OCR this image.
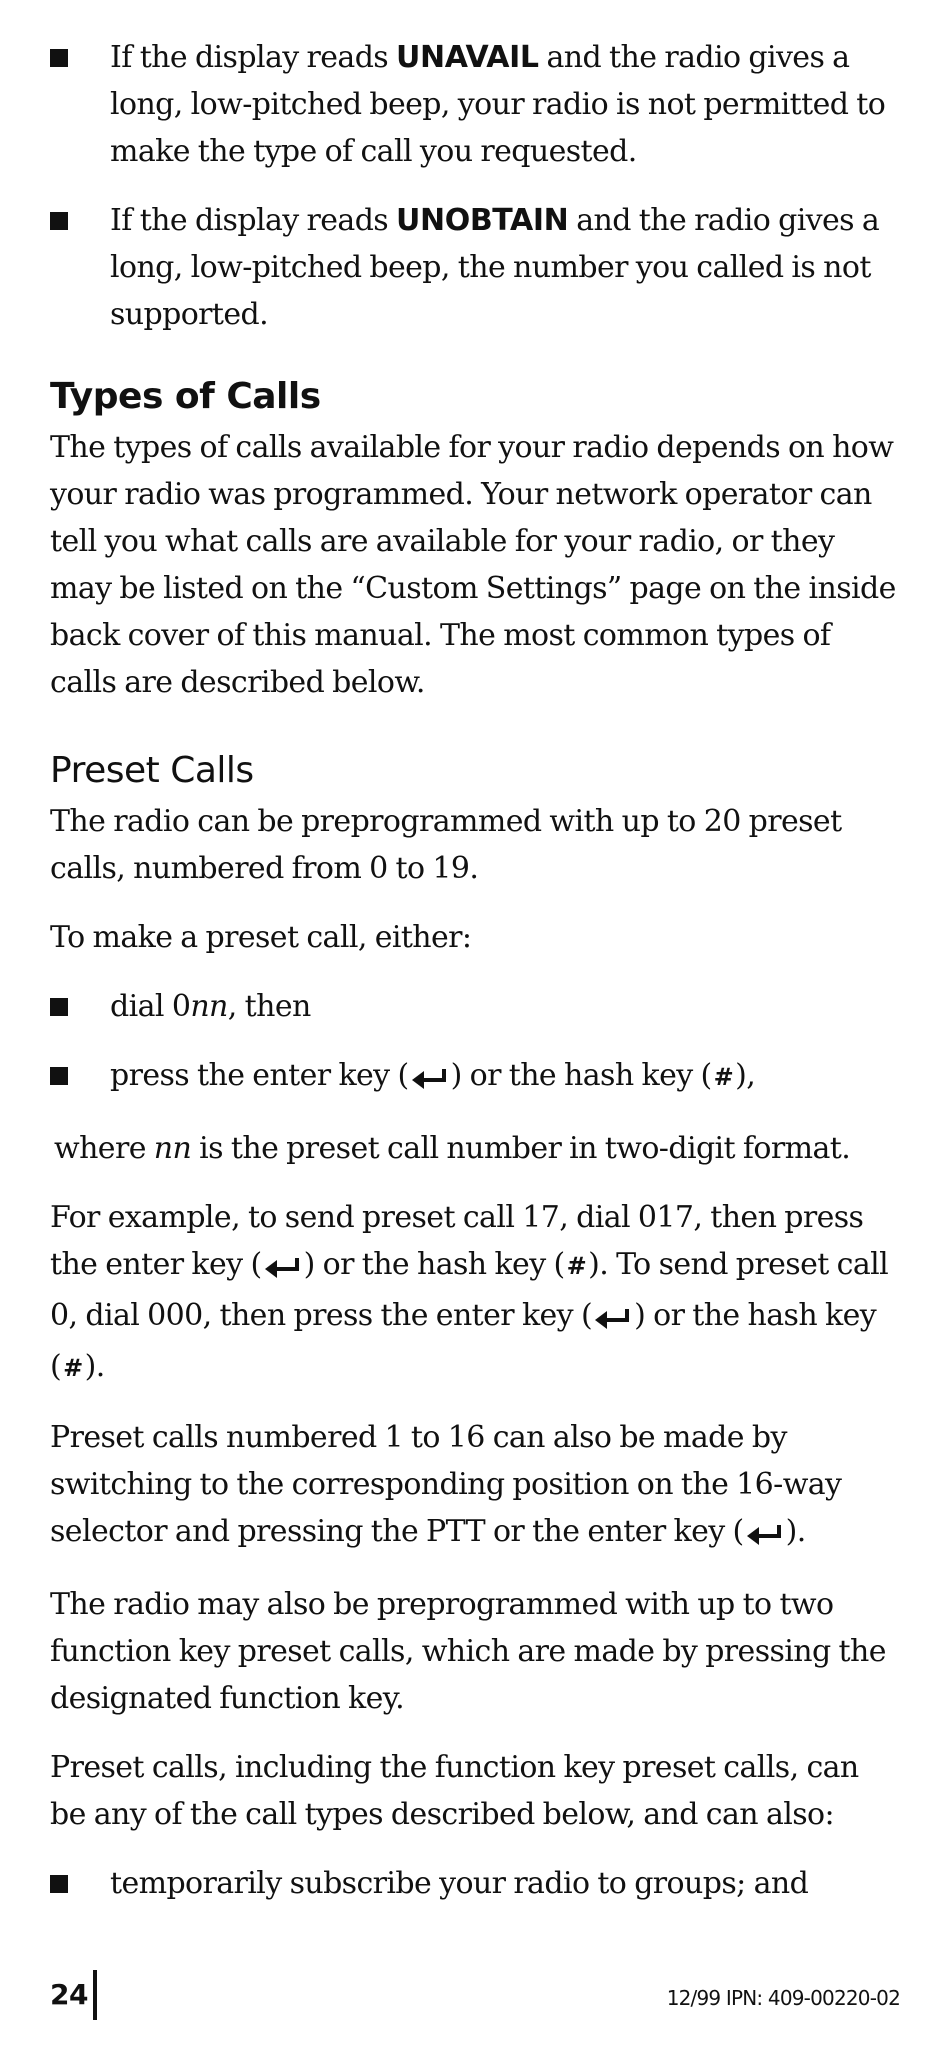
If the display reads UNAVAIL and the radio gives a long, low-pitched beep, your radio is not permitted to make the type of call you requested.
If the display reads UNOBTAIN and the radio gives a long, low-pitched beep, the number you called is not supported.
Types of Calls

The types of calls available for your radio depends on how your radio was programmed. Your network operator can tell you what calls are available for your radio, or they may be listed on the “Custom Settings” page on the inside back cover of this manual. The most common types of calls are described below.

Preset Calls

The radio can be preprogrammed with up to 20 preset calls, numbered from 0 to 19.

To make a preset call, either:

dial 0nn, then
press the enter key ( ) or the hash key (#),

where nn is the preset call number in two-digit format.

For example, to send preset call 17, dial 017, then press the enter key ( ) or the hash key (#). To send preset call 0, dial 000, then press the enter key ( ) or the hash key (#).

Preset calls numbered 1 to 16 can also be made by switching to the corresponding position on the 16-way selector and pressing the PTT or the enter key ( ).

The radio may also be preprogrammed with up to two function key preset calls, which are made by pressing the designated function key.

Preset calls, including the function key preset calls, can be any of the call types described below, and can also:

temporarily subscribe your radio to groups; and
24	12/99 IPN: 409-00220-02
